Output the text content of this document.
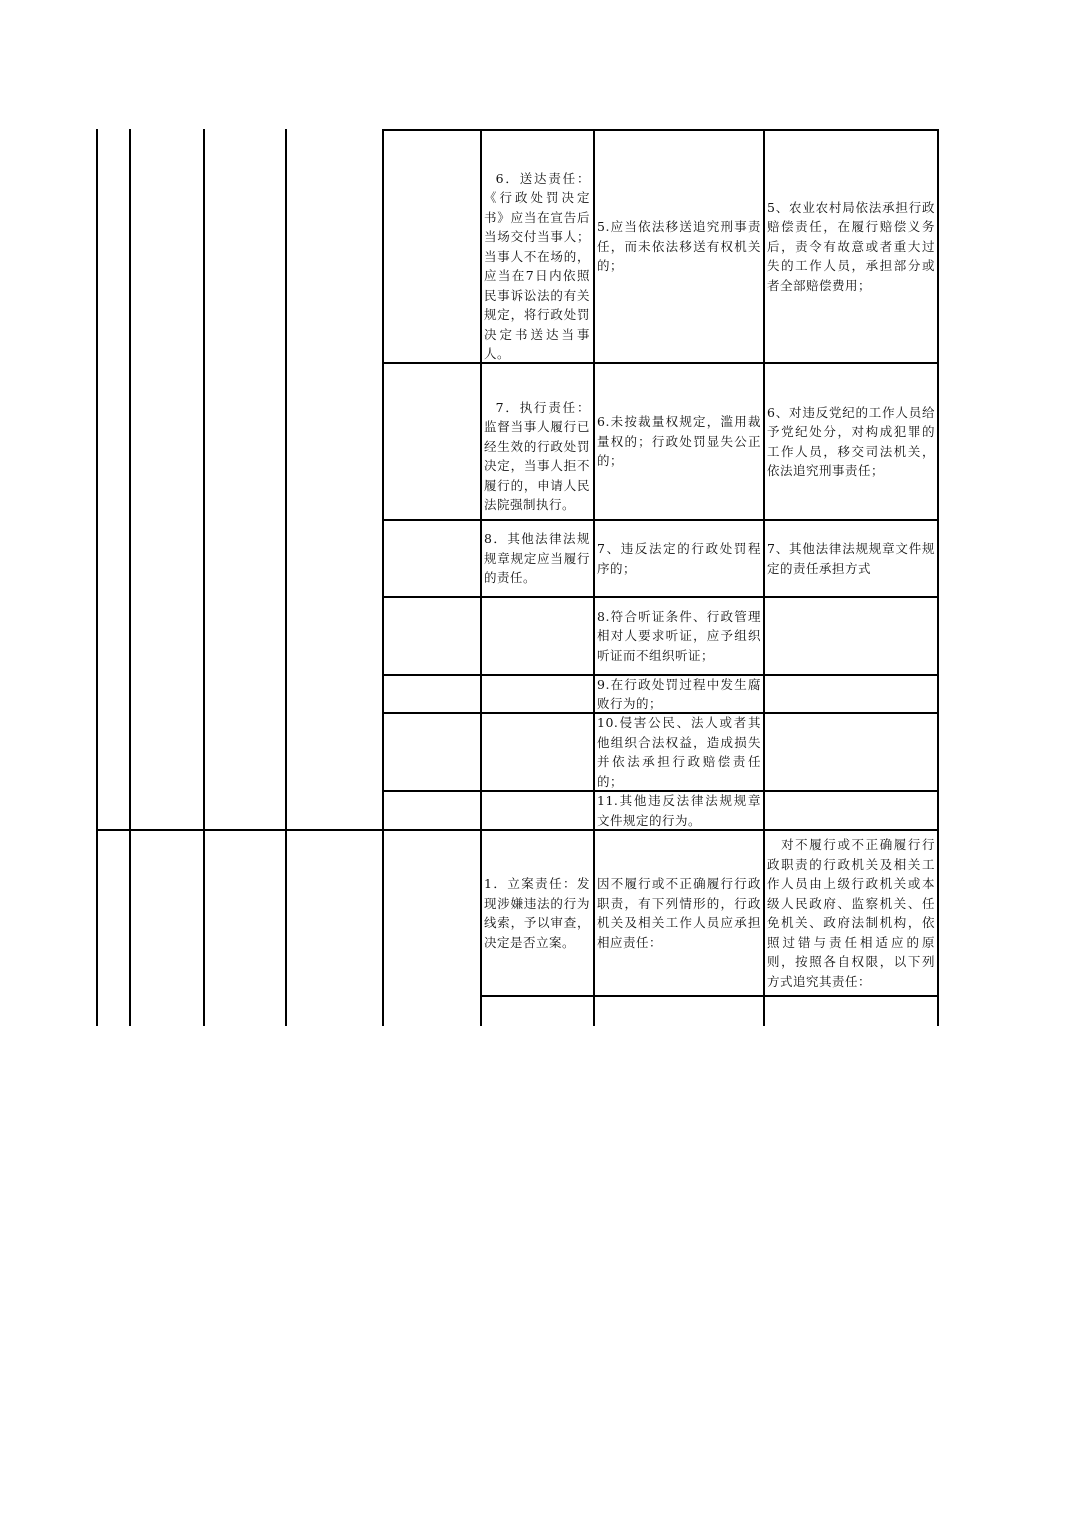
6．送达责任：《行政处罚决定书》应当在宣告后当场交付当事人；当事人不在场的，应当在7日内依照民事诉讼法的有关规定，将行政处罚决定书送达当事人。

5.应当依法移送追究刑事责任，而未依法移送有权机关的；
5、农业农村局依法承担行政赔偿责任，在履行赔偿义务后，责令有故意或者重大过失的工作人员，承担部分或者全部赔偿费用；

7．执行责任：监督当事人履行已经生效的行政处罚决定，当事人拒不履行的，申请人民法院强制执行。

6.未按裁量权规定，滥用裁量权的；行政处罚显失公正的；
6、对违反党纪的工作人员给予党纪处分，对构成犯罪的工作人员，移交司法机关，依法追究刑事责任；
8．其他法律法规规章规定应当履行的责任。
7、违反法定的行政处罚程序的；
7、其他法律法规规章文件规定的责任承担方式
8.符合听证条件、行政管理相对人要求听证，应予组织听证而不组织听证；
9.在行政处罚过程中发生腐败行为的；
10.侵害公民、法人或者其他组织合法权益，造成损失并依法承担行政赔偿责任的；
11.其他违反法律法规规章文件规定的行为。
1．立案责任：发现涉嫌违法的行为线索，予以审查，决定是否立案。
因不履行或不正确履行行政职责，有下列情形的，行政机关及相关工作人员应承担相应责任：
　对不履行或不正确履行行政职责的行政机关及相关工作人员由上级行政机关或本级人民政府、监察机关、任免机关、政府法制机构，依照过错与责任相适应的原则，按照各自权限，以下列方式追究其责任：
